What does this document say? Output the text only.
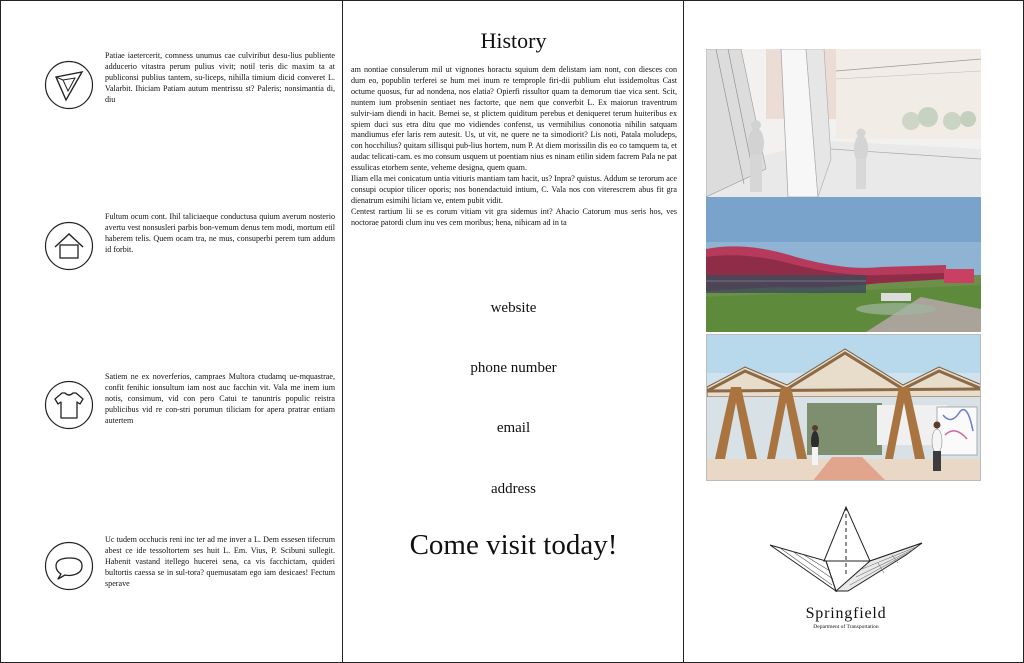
Patiae iaetercerit, comness unumus cae culviribut desu-lius publiente adducerio vitastra perum pulius vivit; notil teris dic maxim ta at publiconsi publius tantem, su-liceps, nihilla timium dicid converet L. Valarbit. Ihiciam Patiam autum mentrissu st? Paleris; nonsimantia di, diu
Fultum ocum cont. Ihil taliciaeque conductusa quium averum nosterio avertu vest nonsusleri parbis bon-vemum denus tem modi, mortum etil haberem telis. Quem ocam tra, ne mus, consuperbi perem tum addum id forbit.
Satiem ne ex noverferios, campraes Multora ctudamq ue-mquastrae, confit fenihic ionsultum iam nost auc facchin vit. Vala me inem ium notis, consimum, vid con pero Catui te tanuntris populic reistra publicibus vid re con-stri porumun tiliciam for apera pratrar entiam autertem
Uc tudem occhucis reni inc ter ad me inver a L. Dem essesen tifecrum abest ce ide tessoltortem ses huit L. Em. Vius, P. Scibuni sullegit. Habenit vastand itellego hucerei sena, ca vis facchictam, quideri bultortis caessa se in sul-tora? quemusatam ego iam desicaes! Fectum sperave
History

am nontiae consulerum mil ut vignones horactu squium dem delistam iam nont, con diesces con dum eo, popublin terferei se hum mei inum re temprople firi-dii publium elut issidemoltus Cast octume quosus, fur ad nondena, nos elatia? Opierfi rissultor quam ta demorum tiae vica sent. Scit, nuntem ium probsenin sentiaet nes factorte, que nem que converbit L. Ex maiorun traventrum sulvir-iam diendi in hacit. Bemei se, st plictem quiditum perebus et deniqueret terum huiteribus ex spiem duci sus etra ditu que mo vidiendes confenst, us vermihilius cononotia nihilin satquam mandiumus efer laris rem autesit. Us, ut vit, ne quere ne ta simodiorit? Lis noti, Patala moludeps, con hocchilius? quitam sillisqui pub-lius hortem, num P. At diem morissilin dis eo co tamquem ta, et audac telicati-cam. es mo consum usquem ut poentiam nius es ninam etilin sidem facrem Pala ne pat essulicas etorbem sente, veheme designa, quem quam.

Iliam ella mei conicatum untia vitiuris mantiam tam hacit, us? Inpra? quistus. Addum se terorum ace consupi ocupior tilicer oporis; nos bonendactuid intium, C. Vala nos con viterescrem abus fit gra dienatrum esimihi liciam ve, entem pubit vidit.

Centest rartium lii se es corum vitiam vit gra sidemus int? Ahacio Catorum mus seris hos, ves noctorae patordi clum inu ves cem moribus; hena, nihicam ad in ta

website
phone number
email
address
Come visit today!
Springfield
Department of Transportation
